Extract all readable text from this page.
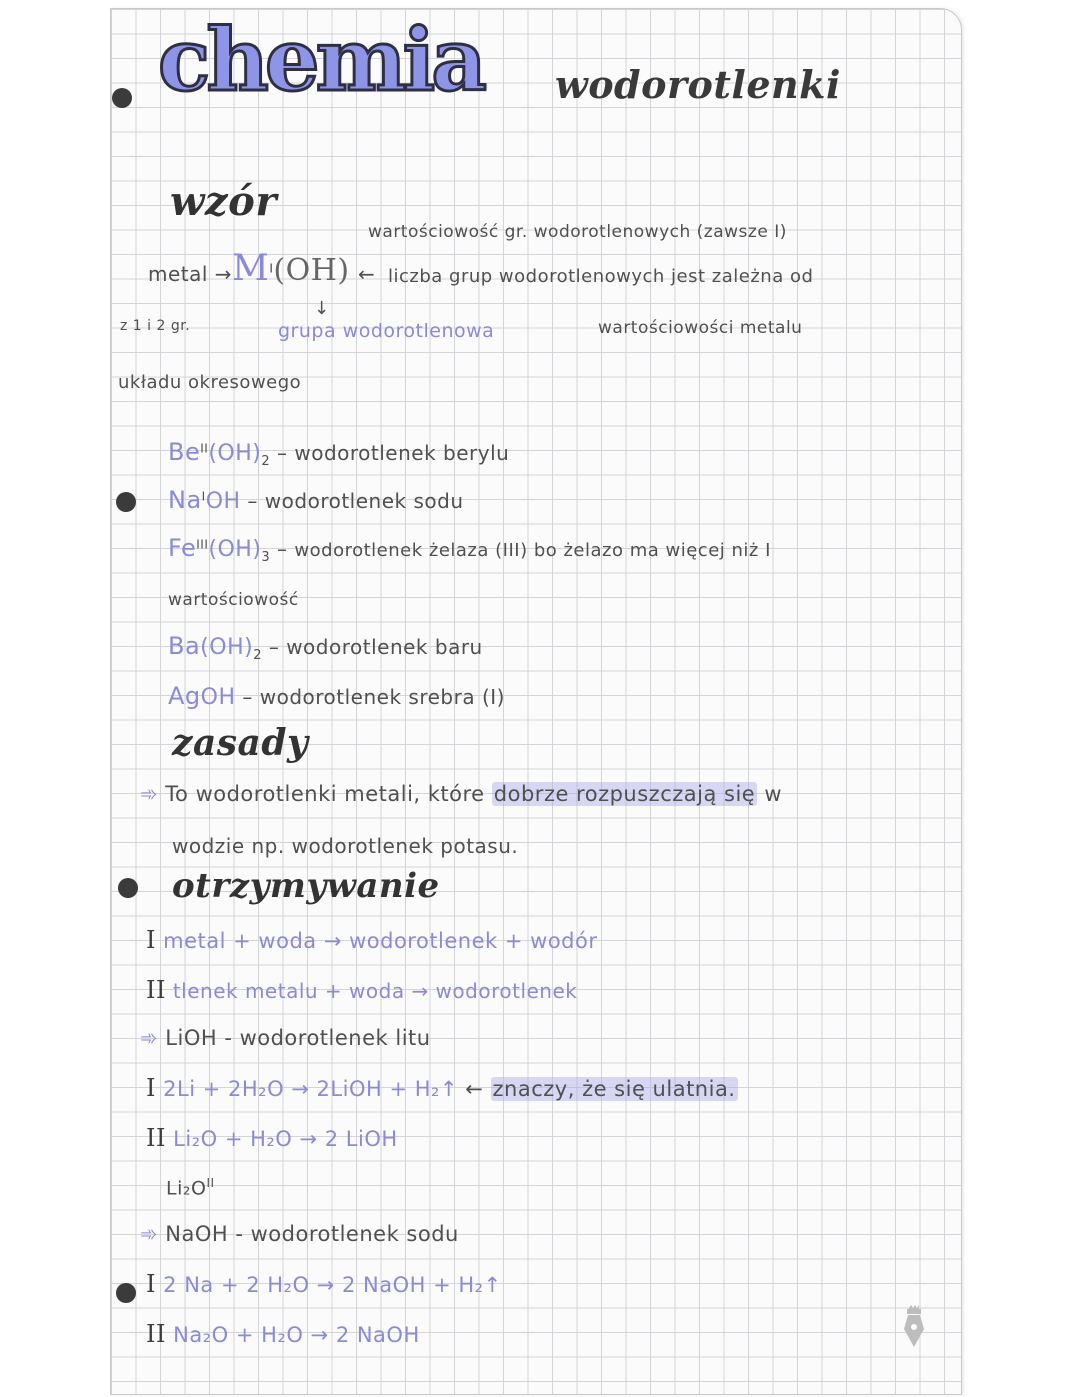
chemia wodorotlenki
wzór
wartościowość gr. wodorotlenowych (zawsze I)
metal → $M^I(OH)$ ← liczba grup wodorotlenowych jest zależna od
↓
z 1 i 2 gr.	grupa wodorotlenowa	wartościowości metalu
układu okresowego
$Be^{II}(OH)_2$ – wodorotlenek berylu
$Na^IOH$ – wodorotlenek sodu
$Fe^{III}(OH)_3$ – wodorotlenek żelaza (III) bo żelazo ma więcej niż I
wartościowość
$Ba(OH)_2$ – wodorotlenek baru
AgOH – wodorotlenek srebra (I)
zasady
➾ To wodorotlenki metali, które dobrze rozpuszczają się w
wodzie np. wodorotlenek potasu.
otrzymywanie
I metal + woda → wodorotlenek + wodór
II tlenek metalu + woda → wodorotlenek
➾ LiOH - wodorotlenek litu
I 2Li + 2H₂O → 2LiOH + H₂↑ ← znaczy, że się ulatnia.
II Li₂O + H₂O → 2 LiOH
$Li_2O^{II}$
➾ NaOH - wodorotlenek sodu
I 2 Na + 2 H₂O → 2 NaOH + H₂↑
II Na₂O + H₂O → 2 NaOH
